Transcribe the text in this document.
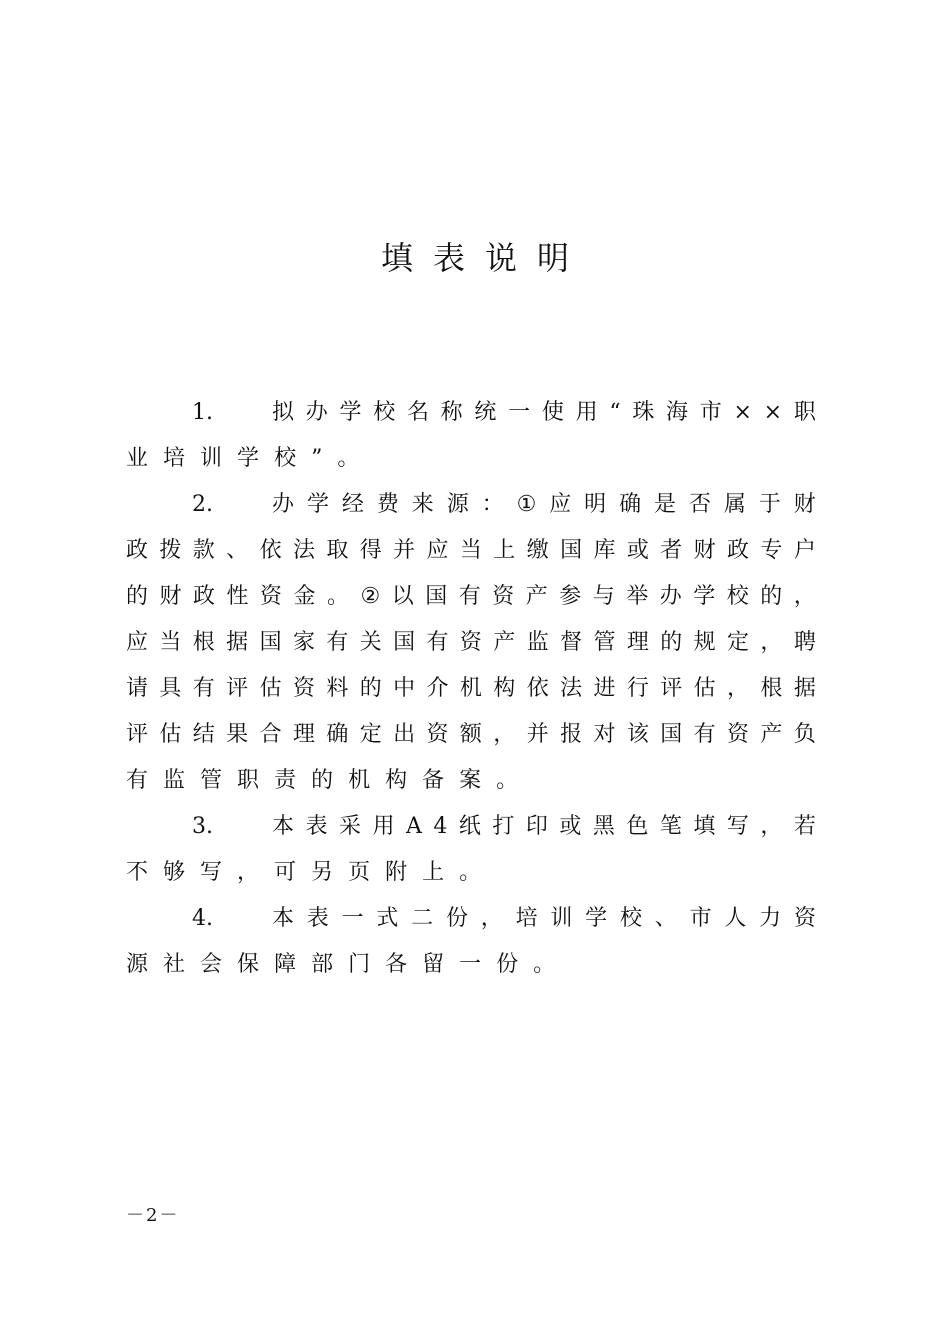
填表说明
1.	拟 办 学 校 名 称 统 一 使 用 “ 珠 海 市 × × 职
业 培 训 学 校 ” 。
2.	办 学 经 费 来 源 ： ① 应 明 确 是 否 属 于 财
政 拨 款 、 依 法 取 得 并 应 当 上 缴 国 库 或 者 财 政 专 户
的 财 政 性 资 金 。 ② 以 国 有 资 产 参 与 举 办 学 校 的 ，
应 当 根 据 国 家 有 关 国 有 资 产 监 督 管 理 的 规 定 ， 聘
请 具 有 评 估 资 料 的 中 介 机 构 依 法 进 行 评 估 ， 根 据
评 估 结 果 合 理 确 定 出 资 额 ， 并 报 对 该 国 有 资 产 负
有 监 管 职 责 的 机 构 备 案 。
3.	本 表 采 用 A 4 纸 打 印 或 黑 色 笔 填 写 ， 若
不 够 写 ， 可 另 页 附 上 。
4.	本 表 一 式 二 份 ， 培 训 学 校 、 市 人 力 资
源 社 会 保 障 部 门 各 留 一 份 。
－2－
